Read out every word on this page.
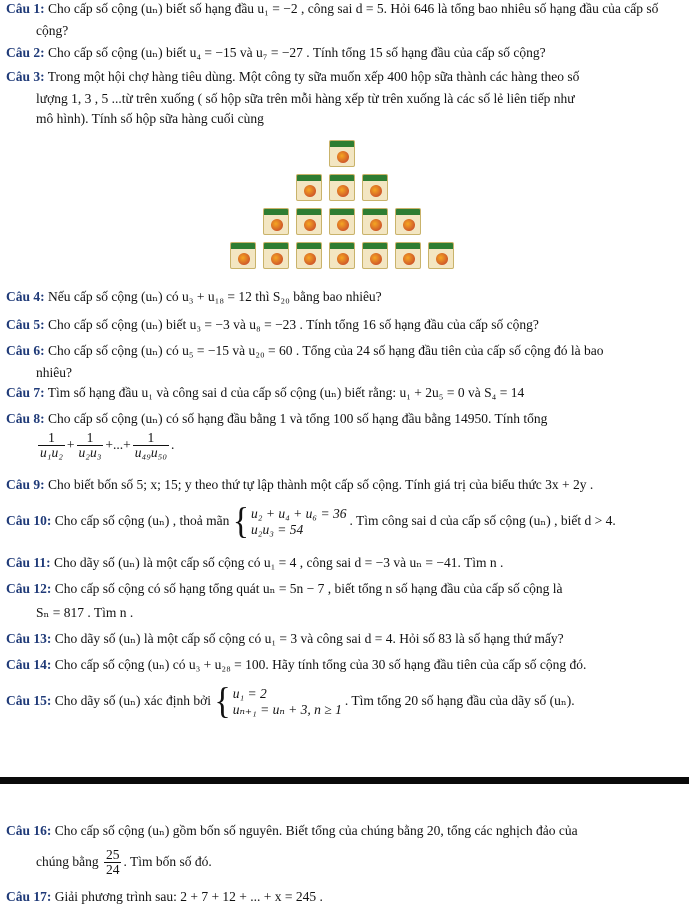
Câu 1: Cho cấp số cộng (uₙ) biết số hạng đầu u₁ = −2 , công sai d = 5. Hỏi 646 là tổng bao nhiêu số hạng đầu của cấp số
cộng?
Câu 2: Cho cấp số cộng (uₙ) biết u₄ = −15 và u₇ = −27 . Tính tổng 15 số hạng đầu của cấp số cộng?
Câu 3: Trong một hội chợ hàng tiêu dùng. Một công ty sữa muốn xếp 400 hộp sữa thành các hàng theo số
lượng 1, 3 , 5 ...từ trên xuống ( số hộp sữa trên mỗi hàng xếp từ trên xuống là các số lẻ liên tiếp như
mô hình). Tính số hộp sữa hàng cuối cùng
Câu 4: Nếu cấp số cộng (uₙ) có u₃ + u₁₈ = 12 thì S₂₀ bằng bao nhiêu?
Câu 5: Cho cấp số cộng (uₙ) biết u₃ = −3 và u₈ = −23 . Tính tổng 16 số hạng đầu của cấp số cộng?
Câu 6: Cho cấp số cộng (uₙ) có u₅ = −15 và u₂₀ = 60 . Tổng của 24 số hạng đầu tiên của cấp số cộng đó là bao
nhiêu?
Câu 7: Tìm số hạng đầu u₁ và công sai d của cấp số cộng (uₙ) biết rằng: u₁ + 2u₅ = 0 và S₄ = 14
Câu 8: Cho cấp số cộng (uₙ) có số hạng đầu bằng 1 và tổng 100 số hạng đầu bằng 14950. Tính tổng
$\frac{1}{\text{u₁u₂}} + \frac{1}{\text{u₂u₃}}$ +...+ $\frac{1}{\text{u₄₉u₅₀}}$ .
Câu 9: Cho biết bốn số 5; x; 15; y theo thứ tự lập thành một cấp số cộng. Tính giá trị của biểu thức 3x + 2y .
Câu 10: Cho cấp số cộng (uₙ) , thoả mãn { u₂ + u₄ + u₆ = 36
u₂u₃ = 54
. Tìm công sai d của cấp số cộng (uₙ) , biết d > 4.
Câu 11: Cho dãy số (uₙ) là một cấp số cộng có u₁ = 4 , công sai d = −3 và uₙ = −41. Tìm n .
Câu 12: Cho cấp số cộng có số hạng tổng quát uₙ = 5n − 7 , biết tổng n số hạng đầu của cấp số cộng là
Sₙ = 817 . Tìm n .
Câu 13: Cho dãy số (uₙ) là một cấp số cộng có u₁ = 3 và công sai d = 4. Hỏi số 83 là số hạng thứ mấy?
Câu 14: Cho cấp số cộng (uₙ) có u₃ + u₂₈ = 100. Hãy tính tổng của 30 số hạng đầu tiên của cấp số cộng đó.
Câu 15: Cho dãy số (uₙ) xác định bởi { u₁ = 2
uₙ₊₁ = uₙ + 3, n ≥ 1
. Tìm tổng 20 số hạng đầu của dãy số (uₙ).
Câu 16: Cho cấp số cộng (uₙ) gồm bốn số nguyên. Biết tổng của chúng bằng 20, tổng các nghịch đảo của
chúng bằng $\frac{25}{24}$ . Tìm bốn số đó.
Câu 17: Giải phương trình sau: 2 + 7 + 12 + ... + x = 245 .
